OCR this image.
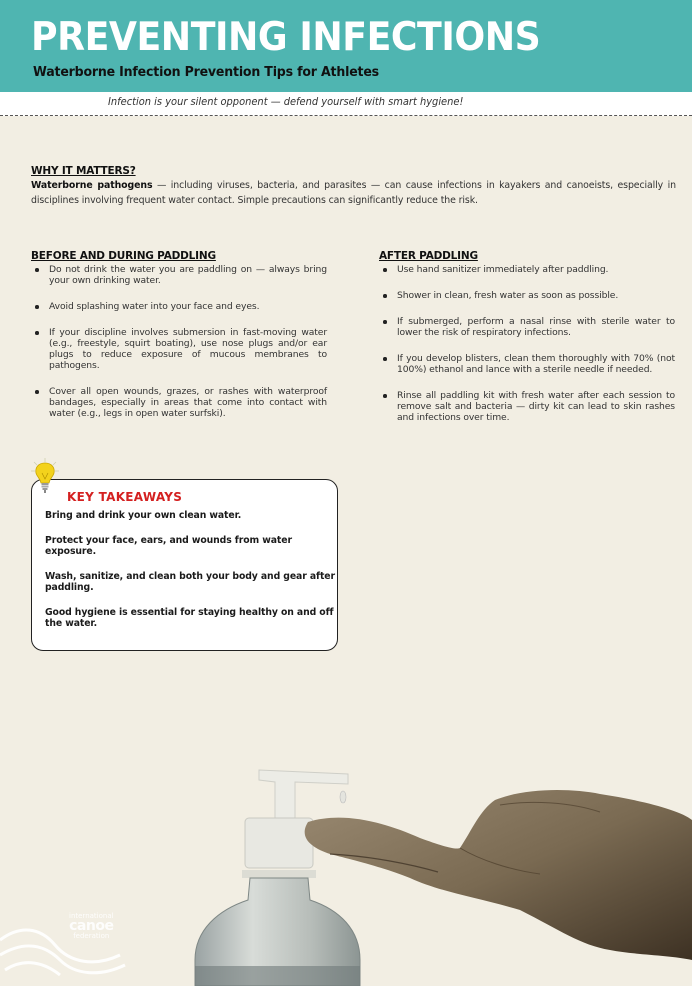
PREVENTING INFECTIONS
Waterborne Infection Prevention Tips for Athletes
Infection is your silent opponent — defend yourself with smart hygiene!
WHY IT MATTERS?

Waterborne pathogens — including viruses, bacteria, and parasites — can cause infections in kayakers and canoeists, especially in disciplines involving frequent water contact. Simple precautions can significantly reduce the risk.

BEFORE AND DURING PADDLING
Do not drink the water you are paddling on — always bring your own drinking water.
Avoid splashing water into your face and eyes.
If your discipline involves submersion in fast-moving water (e.g., freestyle, squirt boating), use nose plugs and/or ear plugs to reduce exposure of mucous membranes to pathogens.
Cover all open wounds, grazes, or rashes with waterproof bandages, especially in areas that come into contact with water (e.g., legs in open water surfski).
AFTER PADDLING
Use hand sanitizer immediately after paddling.
Shower in clean, fresh water as soon as possible.
If submerged, perform a nasal rinse with sterile water to lower the risk of respiratory infections.
If you develop blisters, clean them thoroughly with 70% (not 100%) ethanol and lance with a sterile needle if needed.
Rinse all paddling kit with fresh water after each session to remove salt and bacteria — dirty kit can lead to skin rashes and infections over time.
KEY TAKEAWAYS

Bring and drink your own clean water.

Protect your face, ears, and wounds from water exposure.

Wash, sanitize, and clean both your body and gear after paddling.

Good hygiene is essential for staying healthy on and off the water.

international
canoe
federation
